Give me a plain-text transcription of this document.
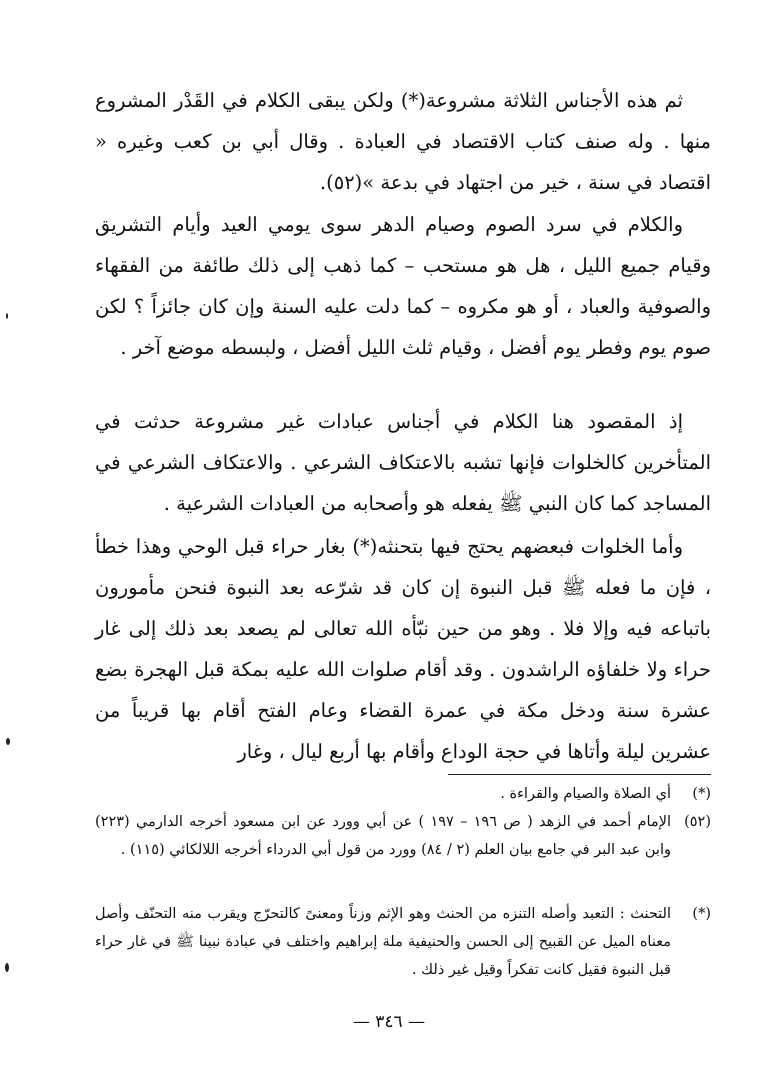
ثم هذه الأجناس الثلاثة مشروعة(*) ولكن يبقى الكلام في القَدْر المشروع منها . وله صنف كتاب الاقتصاد في العبادة . وقال أبي بن كعب وغيره « اقتصاد في سنة ، خير من اجتهاد في بدعة »(٥٢).

والكلام في سرد الصوم وصيام الدهر سوى يومي العيد وأيام التشريق وقيام جميع الليل ، هل هو مستحب – كما ذهب إلى ذلك طائفة من الفقهاء والصوفية والعباد ، أو هو مكروه – كما دلت عليه السنة وإن كان جائزاً ؟ لكن صوم يوم وفطر يوم أفضل ، وقيام ثلث الليل أفضل ، ولبسطه موضع آخر .

إذ المقصود هنا الكلام في أجناس عبادات غير مشروعة حدثت في المتأخرين كالخلوات فإنها تشبه بالاعتكاف الشرعي . والاعتكاف الشرعي في المساجد كما كان النبي ﷺ يفعله هو وأصحابه من العبادات الشرعية .

وأما الخلوات فبعضهم يحتج فيها بتحنثه(*) بغار حراء قبل الوحي وهذا خطأ ، فإن ما فعله ﷺ قبل النبوة إن كان قد شرّعه بعد النبوة فنحن مأمورون باتباعه فيه وإلا فلا . وهو من حين نبّأه الله تعالى لم يصعد بعد ذلك إلى غار حراء ولا خلفاؤه الراشدون . وقد أقام صلوات الله عليه بمكة قبل الهجرة بضع عشرة سنة ودخل مكة في عمرة القضاء وعام الفتح أقام بها قريباً من عشرين ليلة وأتاها في حجة الوداع وأقام بها أربع ليال ، وغار

(*)
أي الصلاة والصيام والقراءة .

(٥٢)
الإمام أحمد في الزهد ( ص ١٩٦ – ١٩٧ ) عن أبي وورد عن ابن مسعود أخرجه الدارمي (٢٢٣) وابن عبد البر في جامع بيان العلم (٢ / ٨٤) وورد من قول أبي الدرداء أخرجه اللالكائي (١١٥) .

(*)
التحنث : التعبد وأصله التنزه من الحنث وهو الإثم وزناً ومعنىً كالتحرّج ويقرب منه التحنّف وأصل معناه الميل عن القبيح إلى الحسن والحنيفية ملة إبراهيم واختلف في عبادة نبينا ﷺ في غار حراء قبل النبوة فقيل كانت تفكراً وقيل غير ذلك .

— ٣٤٦ —
